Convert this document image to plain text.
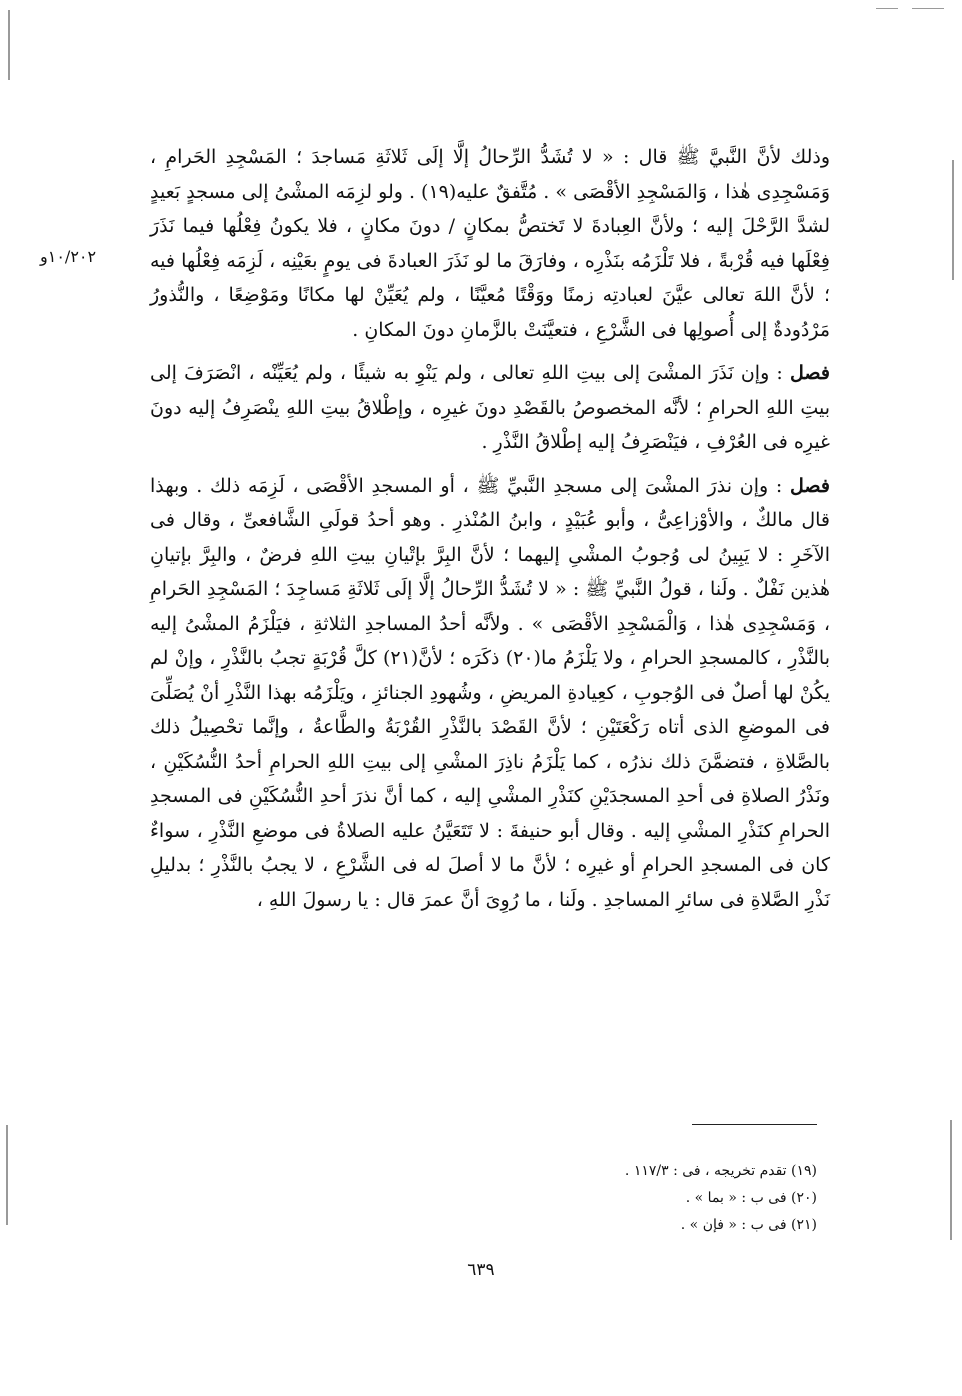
١٠/٢٠٢و

وذلك لأنَّ النَّبيَّ ﷺ قال : « لا تُشَدُّ الرِّحالُ إلَّا إلَى ثَلاثَةِ مَساجدَ ؛ المَسْجِدِ الحَرامِ ، وَمَسْجِدِى هٰذا ، وَالمَسْجِدِ الأقْصَى » . مُتَّفقٌ عليه(١٩) . ولو لزِمَه المشْىُ إلى مسجدٍ بَعيدٍ لشدَّ الرَّحْلَ إليه ؛ ولأنَّ العِبادةَ لا تَختصُّ بمكانٍ / دونَ مكانٍ ، فلا يكونُ فِعْلُها فيما نَذَرَ فِعْلَها فيه قُرْبةً ، فلا تَلْزَمُه بنَذْرِه ، وفارَقَ ما لو نَذَرَ العبادةَ فى يومٍ بعَيْنِه ، لَزِمَه فِعْلُها فيه ؛ لأنَّ اللهَ تعالى عيَّنَ لعبادتِه زمنًا ووَقْتًا مُعيَّنًا ، ولم يُعَيِّنْ لها مكانًا ومَوْضِعًا ، والنُّذورُ مَرْدُودةٌ إلى أُصولِها فى الشَّرْعِ ، فتعيَّنَتْ بالزَّمانِ دونَ المكانِ .

فصل : وإن نَذَرَ المشْىَ إلى بيتِ اللهِ تعالى ، ولم يَنْوِ به شيئًا ، ولم يُعَيِّنْه ، انْصَرَفَ إلى بيتِ اللهِ الحرامِ ؛ لأنَّه المخصوصُ بالقَصْدِ دونَ غيرِه ، وإطْلاقُ بيتِ اللهِ ينْصَرِفُ إليه دونَ غيرِه فى العُرْفِ ، فيَنْصَرِفُ إليه إطْلاقُ النَّذْرِ .

فصل : وإن نذرَ المشْىَ إلى مسجدِ النَّبيِّ ﷺ ، أو المسجدِ الأقْصَى ، لَزِمَه ذلك . وبهذا قال مالكٌ ، والأوْزاعِىُّ ، وأبو عُبَيْدٍ ، وابنُ المُنْذرِ . وهو أحدُ قولَىِ الشَّافعىِّ ، وقال فى الآخَرِ : لا يَبِينُ لى وُجوبُ المشْىِ إليهما ؛ لأنَّ البِرَّ بإتْيانِ بيتِ اللهِ فرضٌ ، والبِرَّ بإتيانِ هٰذين نَفْلٌ . ولَنا ، قولُ النَّبيِّ ﷺ : « لا تُشَدُّ الرِّحالُ إلَّا إلَى ثَلاثَةِ مَساجِدَ ؛ المَسْجِدِ الحَرامِ ، وَمَسْجِدِى هٰذا ، وَالْمَسْجِدِ الأقْصَى » . ولأنَّه أحدُ المساجدِ الثلاثةِ ، فيَلْزَمُ المشْىُ إليه بالنَّذْرِ ، كالمسجدِ الحرامِ ، ولا يَلْزَمُ ما(٢٠) ذكَرَه ؛ لأنَّ(٢١) كلَّ قُرْبَةٍ تجبُ بالنَّذْرِ ، وإنْ لم يكُنْ لها أصلٌ فى الوُجوبِ ، كعِيادةِ المريضِ ، وشُهودِ الجنائزِ ، ويَلْزَمُه بهذا النَّذْرِ أنْ يُصَلِّىَ فى الموضعِ الذى أتاه رَكْعَتَيْنِ ؛ لأنَّ القَصْدَ بالنَّذْرِ القُرْبَةُ والطَّاعةُ ، وإنَّما تحْصِيلُ ذلك بالصَّلاةِ ، فتضمَّنَ ذلك نذرُه ، كما يَلْزَمُ ناذِرَ المشْىِ إلى بيتِ اللهِ الحرامِ أحدُ النُّسُكَيْنِ ، ونَذْرُ الصلاةِ فى أحدِ المسجدَيْنِ كنَذْرِ المشْىِ إليه ، كما أنَّ نذرَ أحدِ النُّسُكَيْنِ فى المسجدِ الحرامِ كنَذْرِ المشْىِ إليه . وقال أبو حنيفةَ : لا تَتَعَيَّنُ عليه الصلاةُ فى موضعِ النَّذْرِ ، سواءٌ كان فى المسجدِ الحرامِ أو غيرِه ؛ لأنَّ ما لا أصلَ له فى الشَّرْعِ ، لا يجبُ بالنَّذْرِ ؛ بدليلِ نَذْرِ الصَّلاةِ فى سائرِ المساجدِ . ولَنا ، ما رُوِىَ أنَّ عمرَ قال : يا رسولَ اللهِ ،

(١٩) تقدم تخريجه ، فى : ١١٧/٣ .
(٢٠) فى ب : « بما » .
(٢١) فى ب : « فإن » .
٦٣٩
